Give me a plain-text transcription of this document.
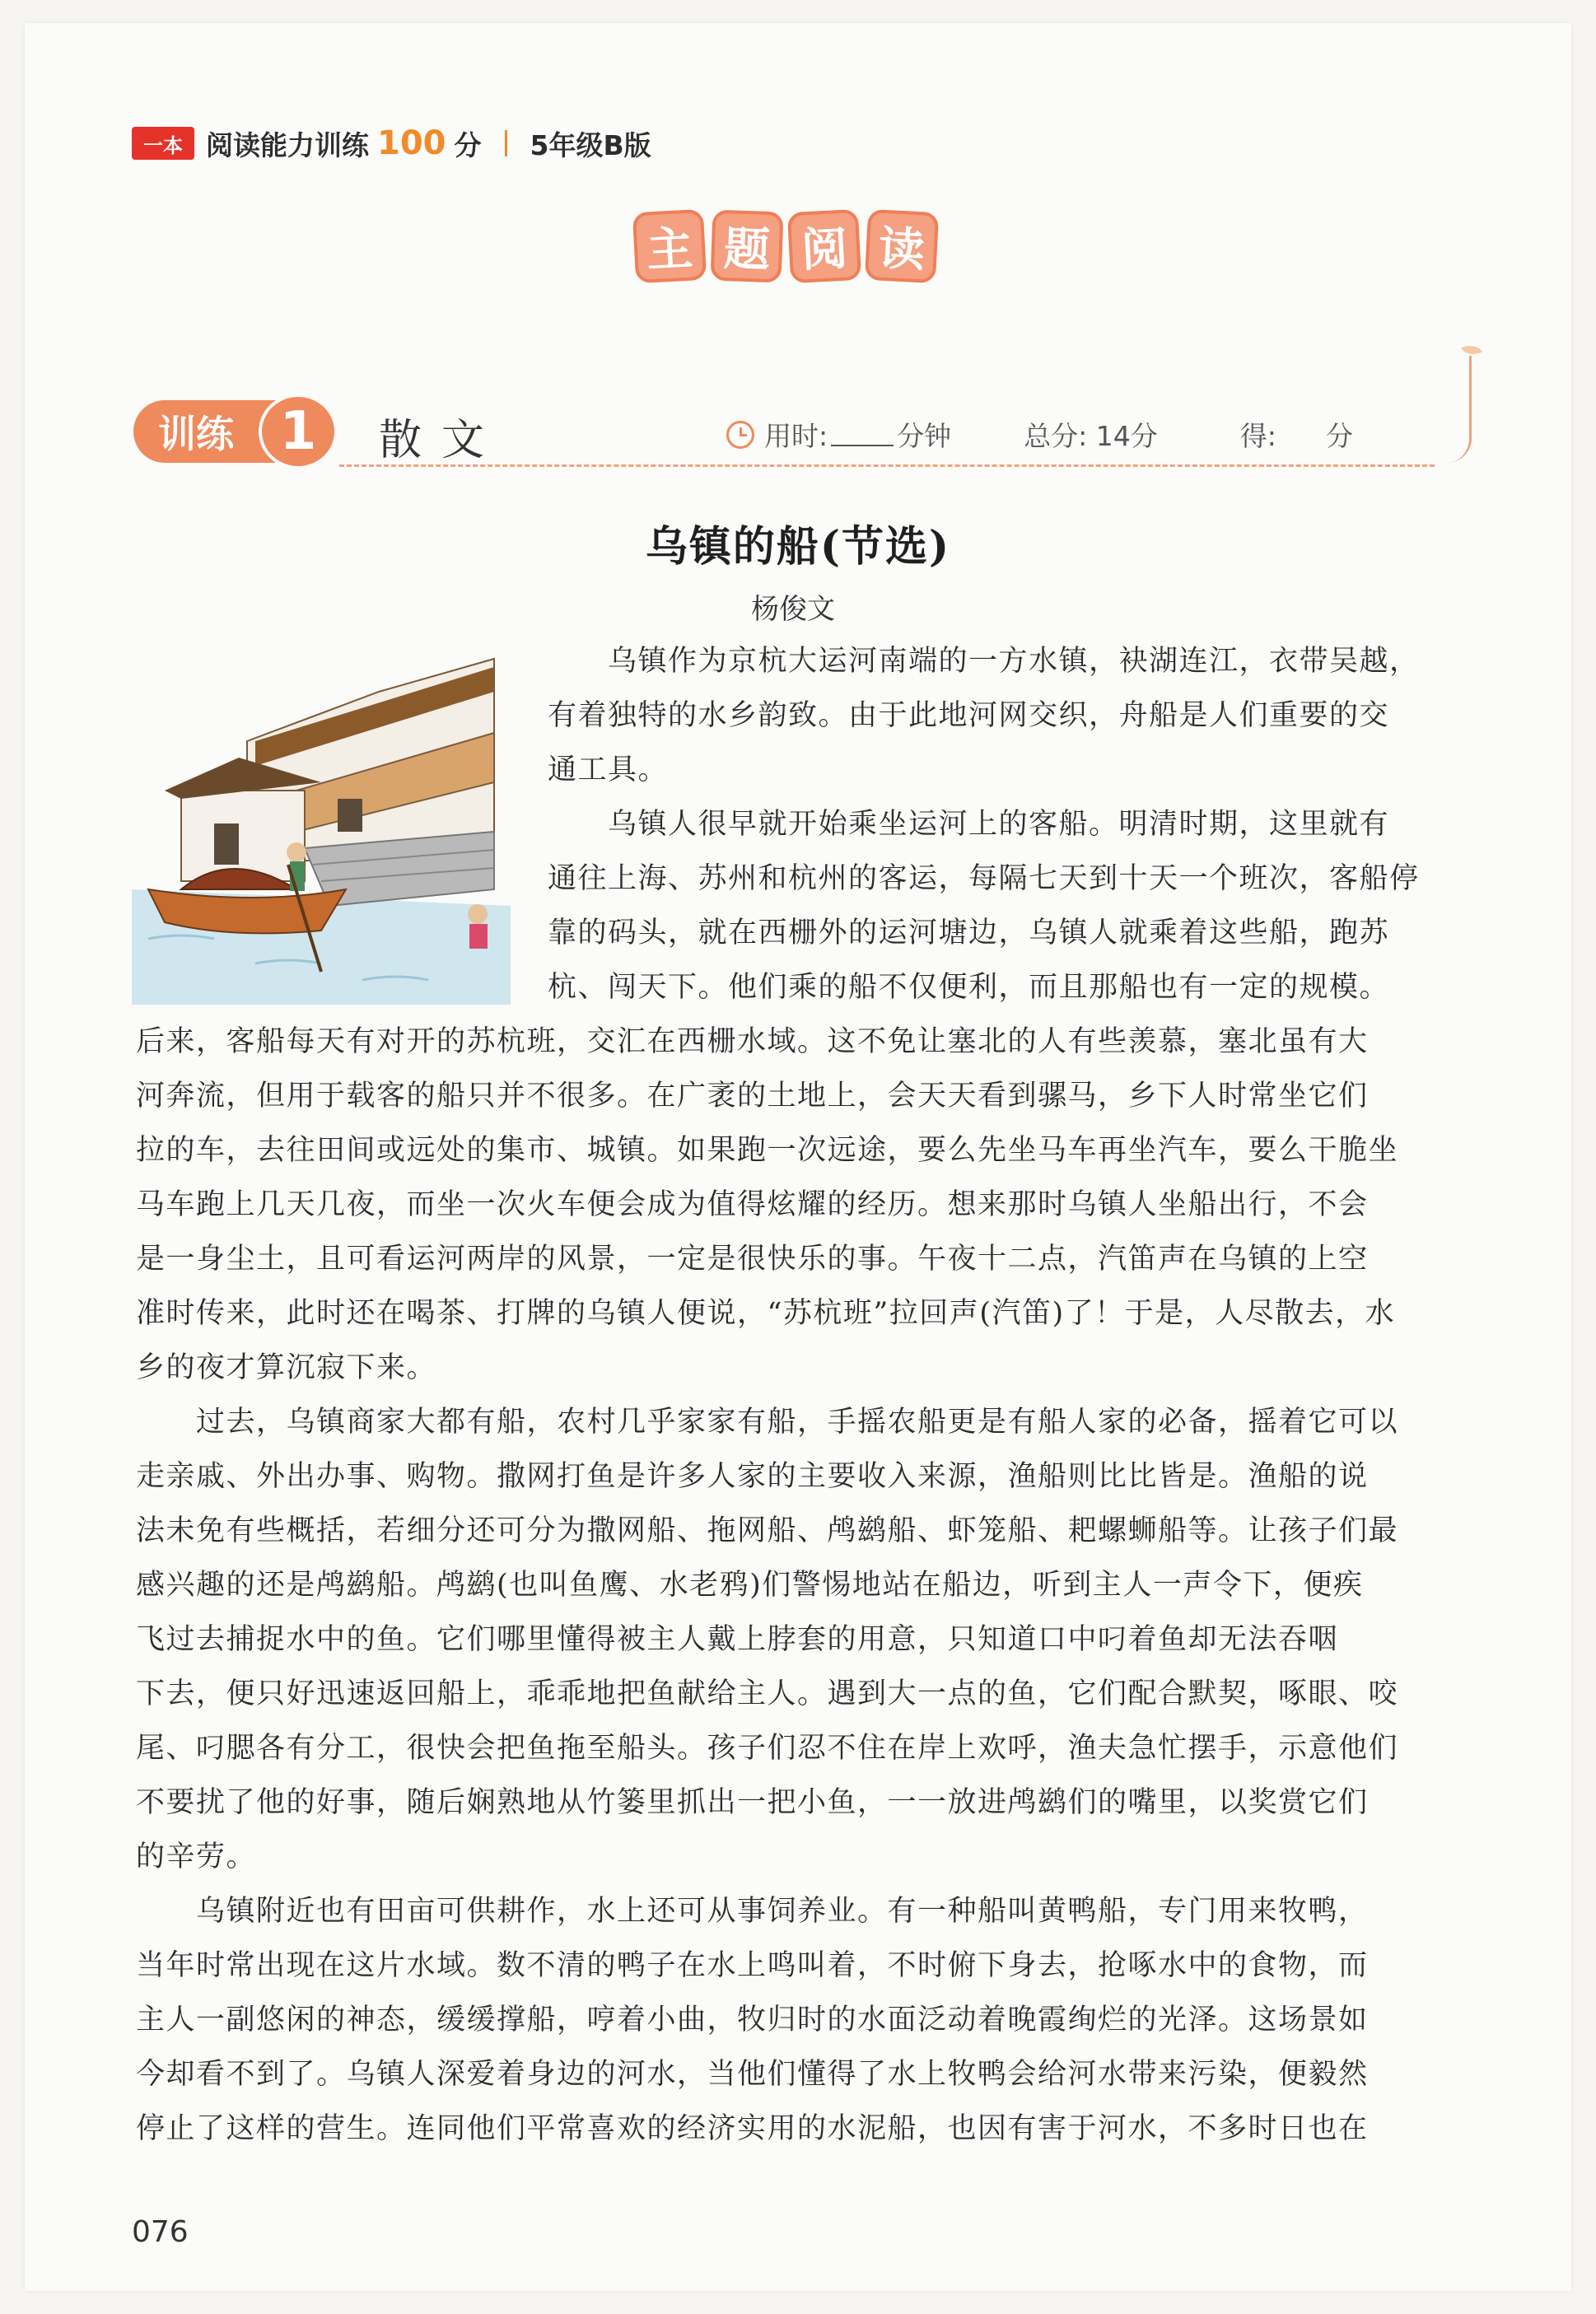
一本 阅读能力训练 100 分 5年级B版
主 题 阅 读
训练 1	散文	用时:	分钟	总分: 14分	得: 分
乌镇的船(节选)
杨俊文
　　乌镇作为京杭大运河南端的一方水镇，袂湖连江，衣带吴越，
有着独特的水乡韵致。由于此地河网交织，舟船是人们重要的交
通工具。
　　乌镇人很早就开始乘坐运河上的客船。明清时期，这里就有
通往上海、苏州和杭州的客运，每隔七天到十天一个班次，客船停
靠的码头，就在西栅外的运河塘边，乌镇人就乘着这些船，跑苏
杭、闯天下。他们乘的船不仅便利，而且那船也有一定的规模。
后来，客船每天有对开的苏杭班，交汇在西栅水域。这不免让塞北的人有些羡慕，塞北虽有大
河奔流，但用于载客的船只并不很多。在广袤的土地上，会天天看到骡马，乡下人时常坐它们
拉的车，去往田间或远处的集市、城镇。如果跑一次远途，要么先坐马车再坐汽车，要么干脆坐
马车跑上几天几夜，而坐一次火车便会成为值得炫耀的经历。想来那时乌镇人坐船出行，不会
是一身尘土，且可看运河两岸的风景，一定是很快乐的事。午夜十二点，汽笛声在乌镇的上空
准时传来，此时还在喝茶、打牌的乌镇人便说，“苏杭班”拉回声(汽笛)了！于是，人尽散去，水
乡的夜才算沉寂下来。
　　过去，乌镇商家大都有船，农村几乎家家有船，手摇农船更是有船人家的必备，摇着它可以
走亲戚、外出办事、购物。撒网打鱼是许多人家的主要收入来源，渔船则比比皆是。渔船的说
法未免有些概括，若细分还可分为撒网船、拖网船、鸬鹚船、虾笼船、耙螺蛳船等。让孩子们最
感兴趣的还是鸬鹚船。鸬鹚(也叫鱼鹰、水老鸦)们警惕地站在船边，听到主人一声令下，便疾
飞过去捕捉水中的鱼。它们哪里懂得被主人戴上脖套的用意，只知道口中叼着鱼却无法吞咽
下去，便只好迅速返回船上，乖乖地把鱼献给主人。遇到大一点的鱼，它们配合默契，啄眼、咬
尾、叼腮各有分工，很快会把鱼拖至船头。孩子们忍不住在岸上欢呼，渔夫急忙摆手，示意他们
不要扰了他的好事，随后娴熟地从竹篓里抓出一把小鱼，一一放进鸬鹚们的嘴里，以奖赏它们
的辛劳。
　　乌镇附近也有田亩可供耕作，水上还可从事饲养业。有一种船叫黄鸭船，专门用来牧鸭，
当年时常出现在这片水域。数不清的鸭子在水上鸣叫着，不时俯下身去，抢啄水中的食物，而
主人一副悠闲的神态，缓缓撑船，哼着小曲，牧归时的水面泛动着晚霞绚烂的光泽。这场景如
今却看不到了。乌镇人深爱着身边的河水，当他们懂得了水上牧鸭会给河水带来污染，便毅然
停止了这样的营生。连同他们平常喜欢的经济实用的水泥船，也因有害于河水，不多时日也在
076
